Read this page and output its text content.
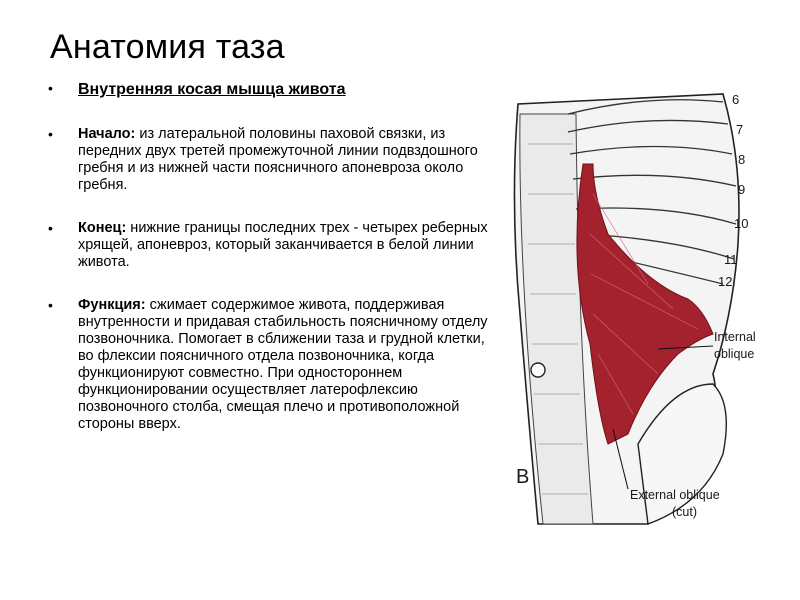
Анатомия таза
• Внутренняя косая мышца живота
• Начало: из латеральной половины паховой связки, из передних двух третей промежуточной линии подвздошного гребня и из нижней части поясничного апоневроза около гребня.
• Конец: нижние границы последних трех - четырех реберных хрящей, апоневроз, который заканчивается в белой линии живота.
• Функция: сжимает содержимое живота, поддерживая внутренности и придавая стабильность поясничному отделу позвоночника. Помогает в сближении таза и грудной клетки, во флексии поясничного отдела позвоночника, когда функционируют совместно. При одностороннем функционировании осуществляет латерофлексию позвоночного столба, смещая плечо и противоположной стороны вверх.
6
7
8
9
10
11
12
Internal
oblique
External oblique
(cut)
B
